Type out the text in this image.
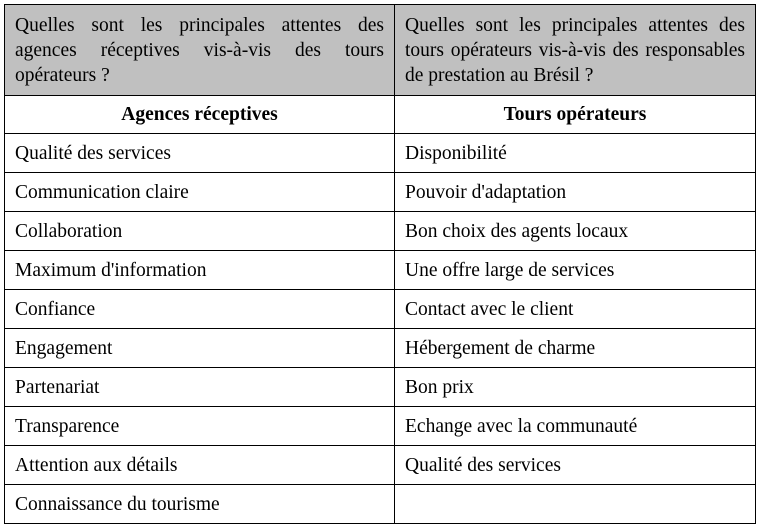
Quelles sont les principales attentes des agences réceptives vis-à-vis des tours opérateurs ?	Quelles sont les principales attentes des tours opérateurs vis-à-vis des responsables de prestation au Brésil ?
Agences réceptives	Tours opérateurs
Qualité des services	Disponibilité
Communication claire	Pouvoir d'adaptation
Collaboration	Bon choix des agents locaux
Maximum d'information	Une offre large de services
Confiance	Contact avec le client
Engagement	Hébergement de charme
Partenariat	Bon prix
Transparence	Echange avec la communauté
Attention aux détails	Qualité des services
Connaissance du tourisme	
